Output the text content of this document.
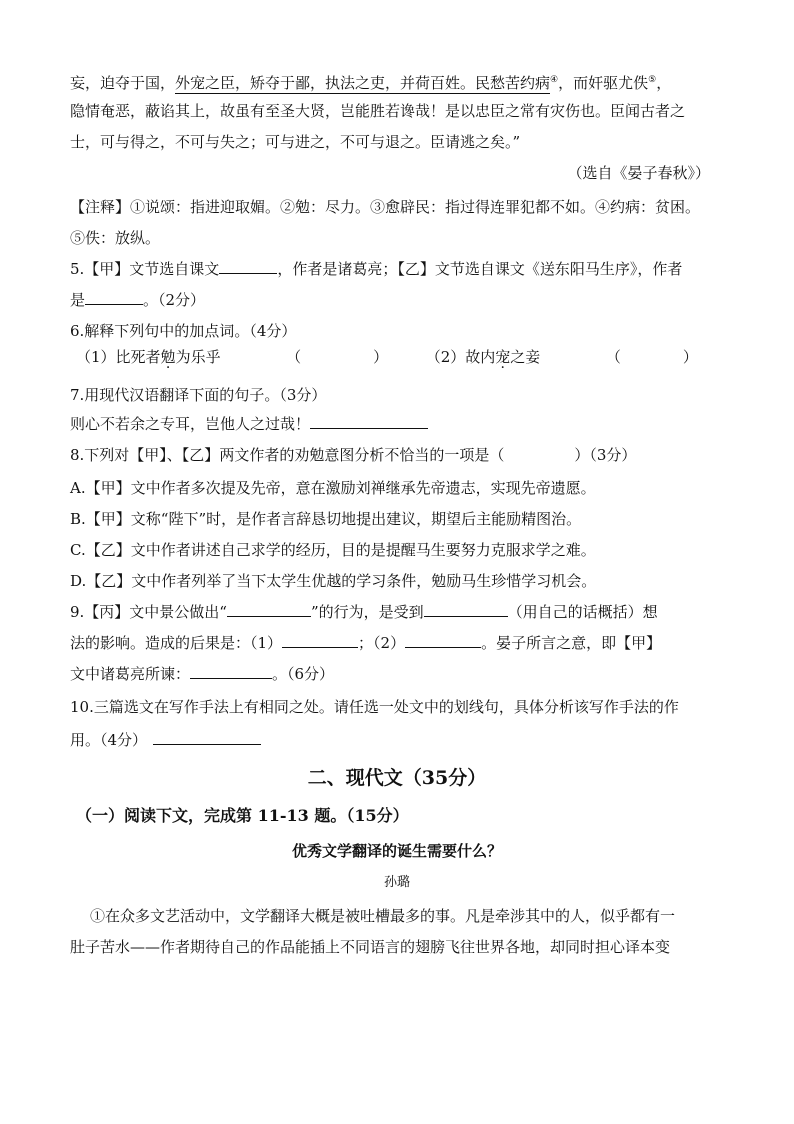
妄，迫夺于国，外宠之臣，矫夺于鄙，执法之吏，并荷百姓。民愁苦约病④，而奸驱尤佚⑤，
隐情奄恶，蔽谄其上，故虽有至圣大贤，岂能胜若谗哉！是以忠臣之常有灾伤也。臣闻古者之
士，可与得之，不可与失之；可与进之，不可与退之。臣请逃之矣。”
（选自《晏子春秋》）
【注释】①说颂：指进迎取媚。②勉：尽力。③愈辟民：指过得连罪犯都不如。④约病：贫困。
⑤佚：放纵。
5.【甲】文节选自课文	，作者是诸葛亮；【乙】文节选自课文《送东阳马生序》，作者
是	。（2分）
6.解释下列句中的加点词。（4分）
（1）比死者勉为乐乎	（	）	（2）故内宠之妾	（	）
7.用现代汉语翻译下面的句子。（3分）
则心不若余之专耳，岂他人之过哉！
8.下列对【甲】、【乙】两文作者的劝勉意图分析不恰当的一项是（	）（3分）
A.【甲】文中作者多次提及先帝，意在激励刘禅继承先帝遗志，实现先帝遗愿。
B.【甲】文称“陛下”时，是作者言辞恳切地提出建议，期望后主能励精图治。
C.【乙】文中作者讲述自己求学的经历，目的是提醒马生要努力克服求学之难。
D.【乙】文中作者列举了当下太学生优越的学习条件，勉励马生珍惜学习机会。
9.【丙】文中景公做出“	”的行为，是受到	（用自己的话概括）想
法的影响。造成的后果是：（1）	；（2）	。晏子所言之意，即【甲】
文中诸葛亮所谏：	。（6分）
10.三篇选文在写作手法上有相同之处。请任选一处文中的划线句，具体分析该写作手法的作
用。（4分）
二、现代文（35分）
（一）阅读下文，完成第 11-13 题。（15分）
优秀文学翻译的诞生需要什么？
孙璐
①在众多文艺活动中，文学翻译大概是被吐槽最多的事。凡是牵涉其中的人，似乎都有一
肚子苦水——作者期待自己的作品能插上不同语言的翅膀飞往世界各地，却同时担心译本变
